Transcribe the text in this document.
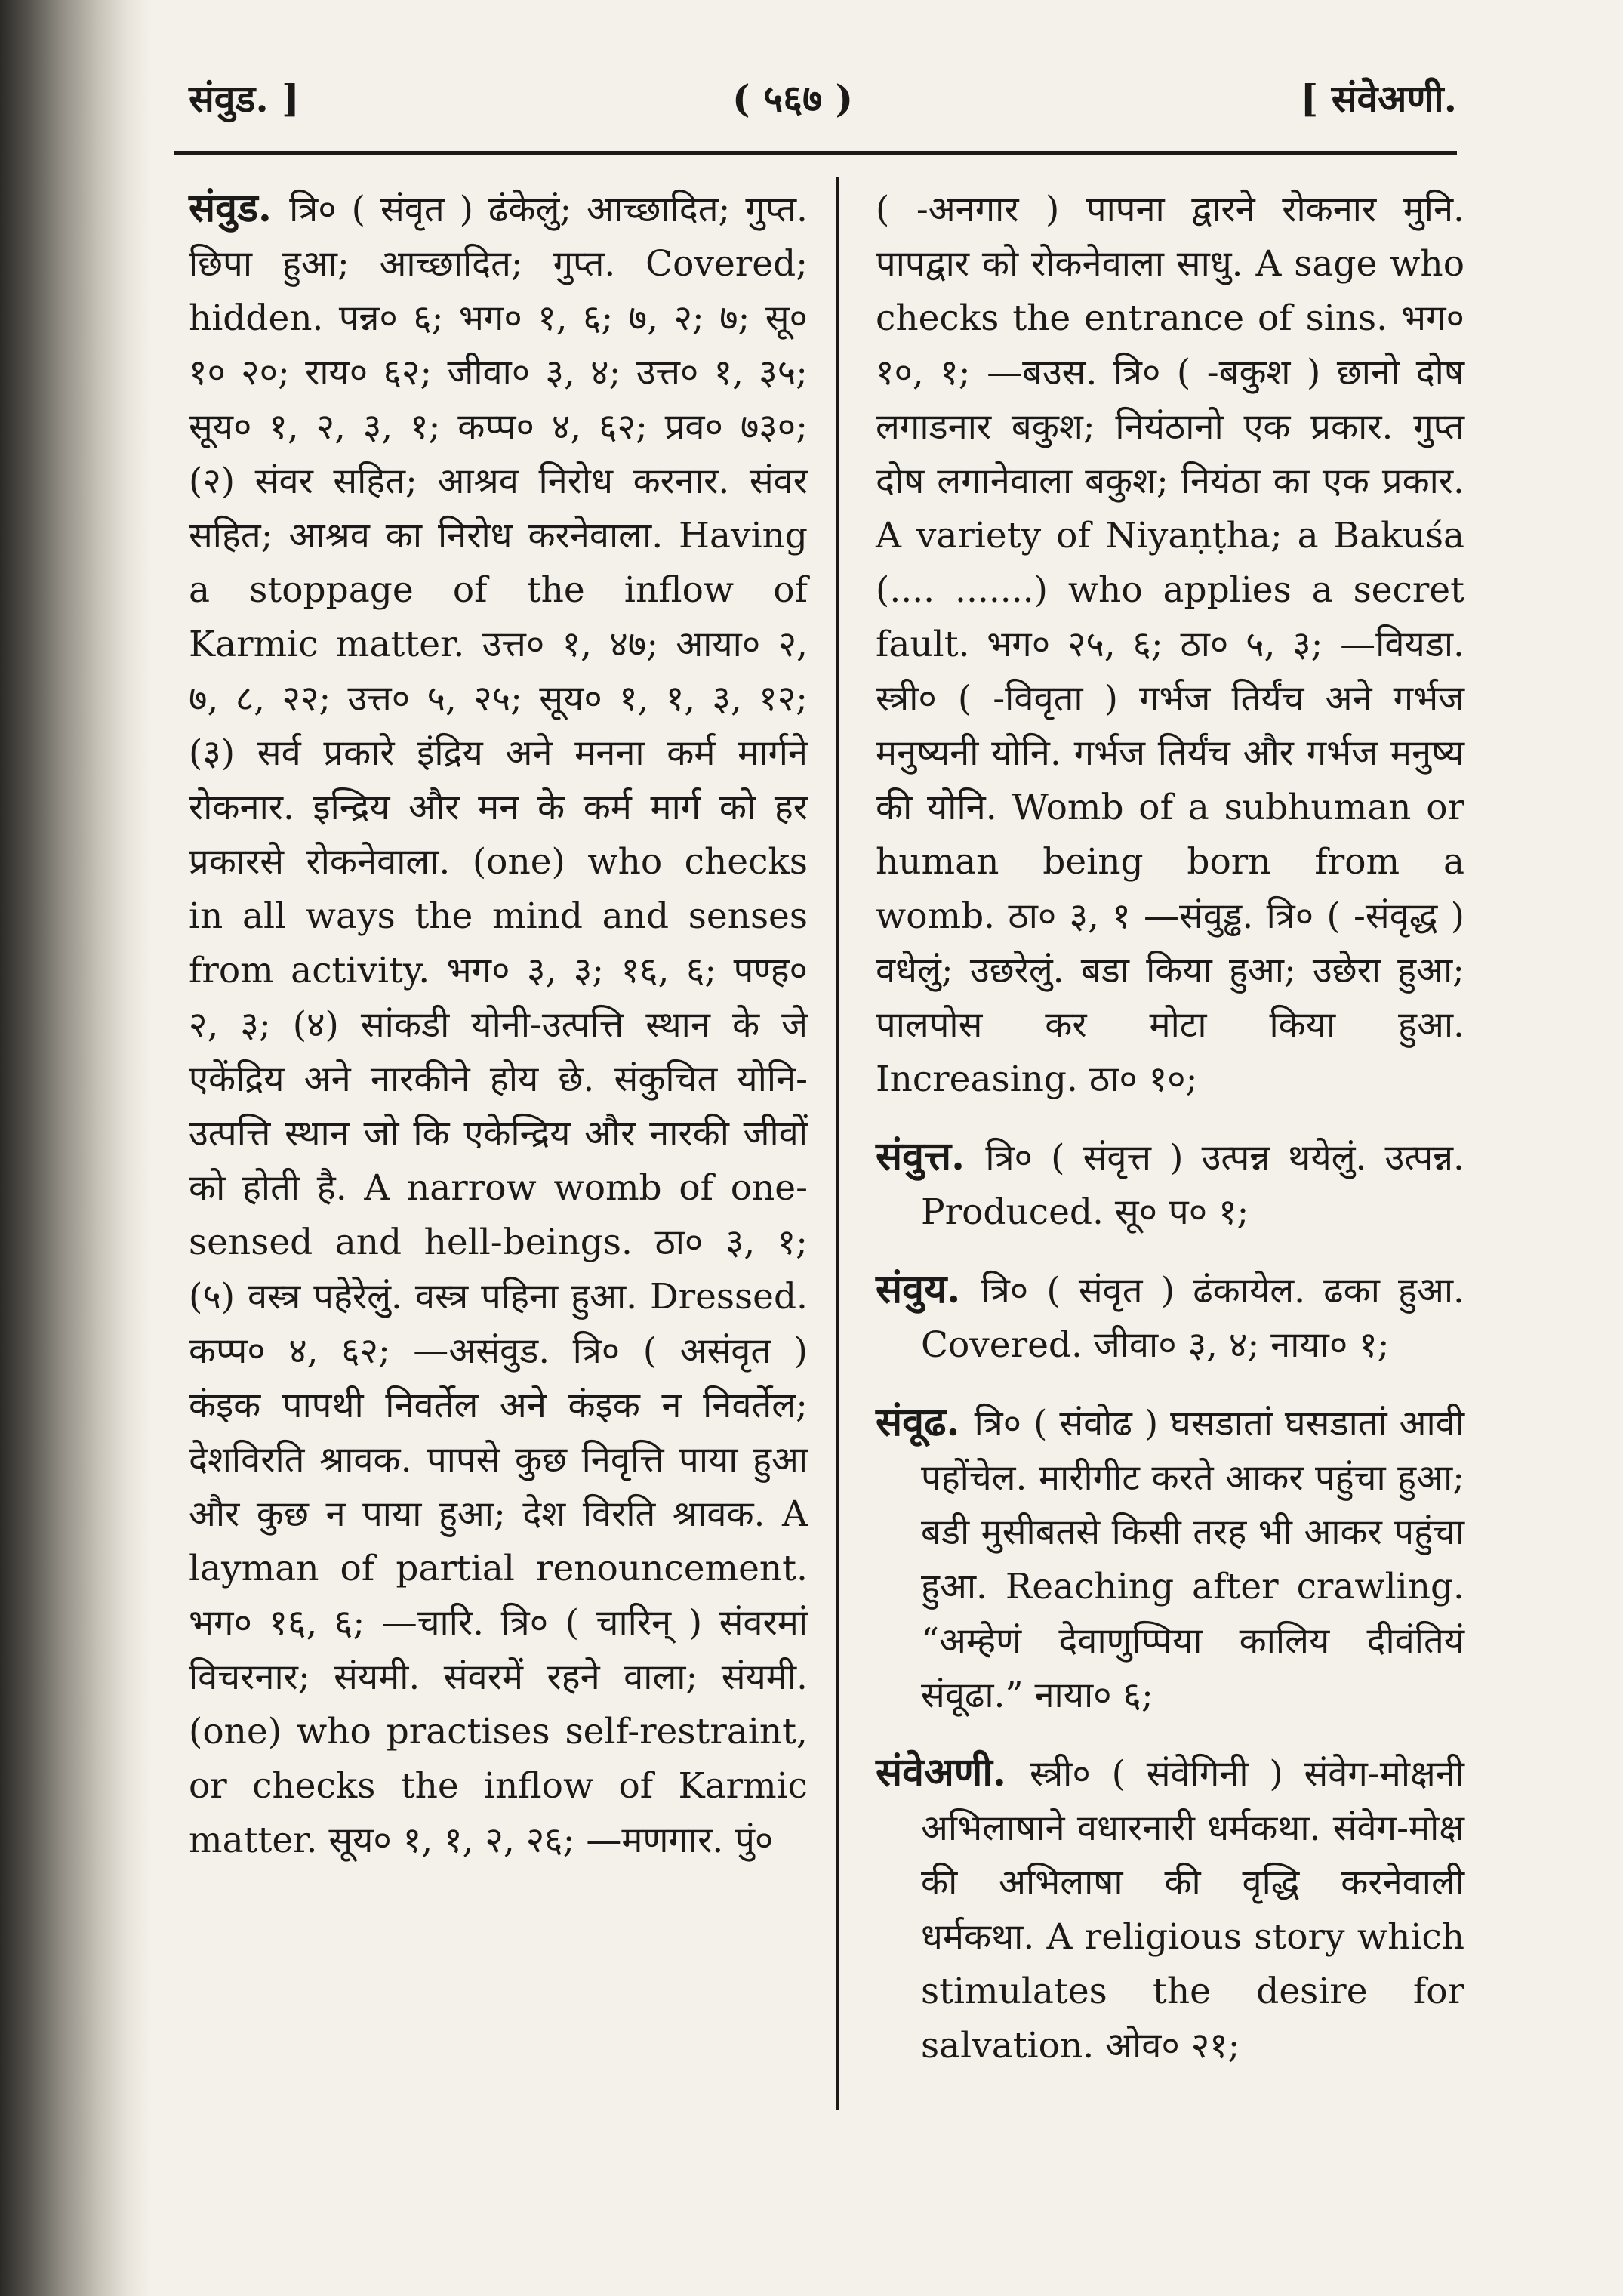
संवुड. ]	( ५६७ )	[ संवेअणी.

संवुड. त्रि० ( संवृत ) ढंकेलुं; आच्छादित; गुप्त. छिपा हुआ; आच्छादित; गुप्त. Covered; hidden. पन्न० ६; भग० १, ६; ७, २; ७; सू० १० २०; राय० ६२; जीवा० ३, ४; उत्त० १, ३५; सूय० १, २, ३, १; कप्प० ४, ६२; प्रव० ७३०; (२) संवर सहित; आश्रव निरोध करनार. संवर सहित; आश्रव का निरोध करनेवाला. Having a stoppage of the inflow of Karmic matter. उत्त० १, ४७; आया० २, ७, ८, २२; उत्त० ५, २५; सूय० १, १, ३, १२; (३) सर्व प्रकारे इंद्रिय अने मनना कर्म मार्गने रोकनार. इन्द्रिय और मन के कर्म मार्ग को हर प्रकारसे रोकनेवाला. (one) who checks in all ways the mind and senses from activity. भग० ३, ३; १६, ६; पण्ह० २, ३; (४) सांकडी योनी-उत्पत्ति स्थान के जे एकेंद्रिय अने नारकीने होय छे. संकुचित योनि-उत्पत्ति स्थान जो कि एकेन्द्रिय और नारकी जीवों को होती है. A narrow womb of one-sensed and hell-beings. ठा० ३, १; (५) वस्त्र पहेरेलुं. वस्त्र पहिना हुआ. Dressed. कप्प० ४, ६२; —असंवुड. त्रि० ( असंवृत ) कंइक पापथी निवर्तेल अने कंइक न निवर्तेल; देशविरति श्रावक. पापसे कुछ निवृत्ति पाया हुआ और कुछ न पाया हुआ; देश विरति श्रावक. A layman of partial renouncement. भग० १६, ६; —चारि. त्रि० ( चारिन् ) संवरमां विचरनार; संयमी. संवरमें रहने वाला; संयमी. (one) who practises self-restraint, or checks the inflow of Karmic matter. सूय० १, १, २, २६; —मणगार. पुं०

( -अनगार ) पापना द्वारने रोकनार मुनि. पापद्वार को रोकनेवाला साधु. A sage who checks the entrance of sins. भग० १०, १; —बउस. त्रि० ( -बकुश ) छानो दोष लगाडनार बकुश; नियंठानो एक प्रकार. गुप्त दोष लगानेवाला बकुश; नियंठा का एक प्रकार. A variety of Niyaṇṭha; a Bakuśa (.... .......) who applies a secret fault. भग० २५, ६; ठा० ५, ३; —वियडा. स्त्री० ( -विवृता ) गर्भज तिर्यंच अने गर्भज मनुष्यनी योनि. गर्भज तिर्यंच और गर्भज मनुष्य की योनि. Womb of a subhuman or human being born from a womb. ठा० ३, १ —संवुड्ढ. त्रि० ( -संवृद्ध ) वधेलुं; उछरेलुं. बडा किया हुआ; उछेरा हुआ; पालपोस कर मोटा किया हुआ. Increasing. ठा० १०;

संवुत्त. त्रि० ( संवृत्त ) उत्पन्न थयेलुं. उत्पन्न. Produced. सू० प० १;

संवुय. त्रि० ( संवृत ) ढंकायेल. ढका हुआ. Covered. जीवा० ३, ४; नाया० १;

संवूढ. त्रि० ( संवोढ ) घसडातां घसडातां आवी पहोंचेल. मारीगीट करते आकर पहुंचा हुआ; बडी मुसीबतसे किसी तरह भी आकर पहुंचा हुआ. Reaching after crawling. “अम्हेणं देवाणुप्पिया कालिय दीवंतियं संवूढा.” नाया० ६;

संवेअणी. स्त्री० ( संवेगिनी ) संवेग-मोक्षनी अभिलाषाने वधारनारी धर्मकथा. संवेग-मोक्ष की अभिलाषा की वृद्धि करनेवाली धर्मकथा. A religious story which stimulates the desire for salvation. ओव० २१;
